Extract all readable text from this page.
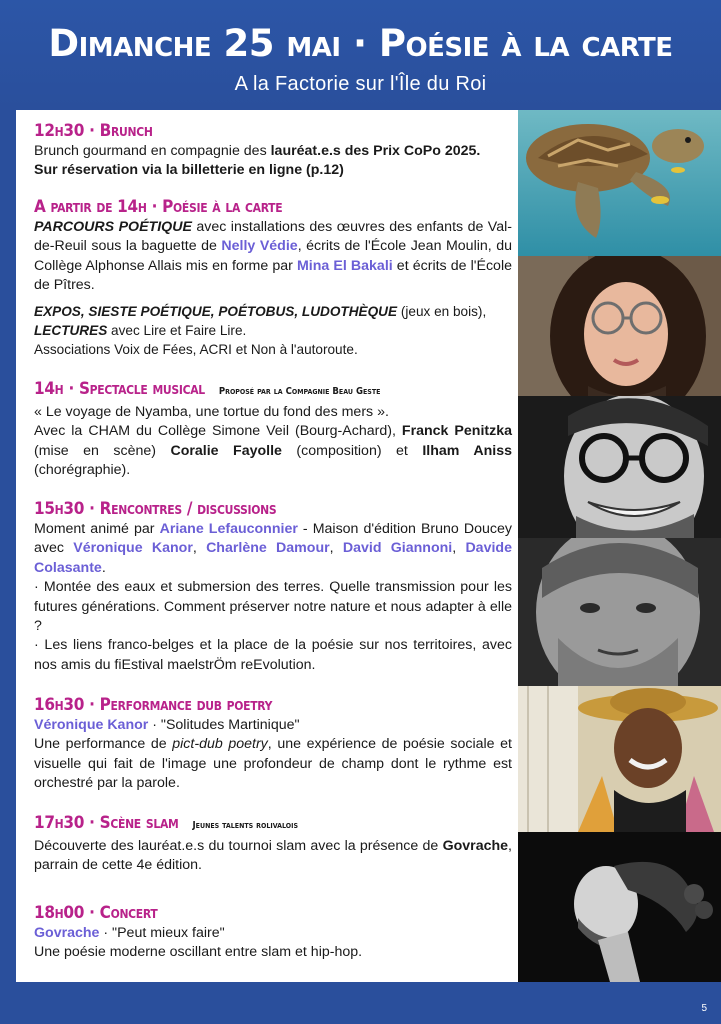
Dimanche 25 mai · Poésie à la carte
A la Factorie sur l'Île du Roi
12h30 · Brunch
Brunch gourmand en compagnie des lauréat.e.s des Prix CoPo 2025.
Sur réservation via la billetterie en ligne (p.12)
A partir de 14h · Poésie à la carte
PARCOURS POÉTIQUE avec installations des œuvres des enfants de Val-de-Reuil sous la baguette de Nelly Védie, écrits de l'École Jean Moulin, du Collège Alphonse Allais mis en forme par Mina El Bakali et écrits de l'École de Pîtres.
EXPOS, SIESTE POÉTIQUE, POÉTOBUS, LUDOTHÈQUE (jeux en bois),
LECTURES avec Lire et Faire Lire.
Associations Voix de Fées, ACRI et Non à l'autoroute.
14h · Spectacle musical Proposé par la Compagnie Beau Geste
« Le voyage de Nyamba, une tortue du fond des mers ».
Avec la CHAM du Collège Simone Veil (Bourg-Achard), Franck Penitzka (mise en scène) Coralie Fayolle (composition) et Ilham Aniss (chorégraphie).
15h30 · Rencontres / discussions
Moment animé par Ariane Lefauconnier - Maison d'édition Bruno Doucey avec Véronique Kanor, Charlène Damour, David Giannoni, Davide Colasante.
· Montée des eaux et submersion des terres. Quelle transmission pour les futures générations. Comment préserver notre nature et nous adapter à elle ?
· Les liens franco-belges et la place de la poésie sur nos territoires, avec nos amis du fiEstival maelstrÖm reEvolution.
16h30 · Performance dub poetry
Véronique Kanor · "Solitudes Martinique"
Une performance de pict-dub poetry, une expérience de poésie sociale et visuelle qui fait de l'image une profondeur de champ dont le rythme est orchestré par la parole.
17h30 · Scène slam Jeunes talents rolivalois
Découverte des lauréat.e.s du tournoi slam avec la présence de Govrache, parrain de cette 4e édition.
18h00 · Concert
Govrache · "Peut mieux faire"
Une poésie moderne oscillant entre slam et hip-hop.
5
